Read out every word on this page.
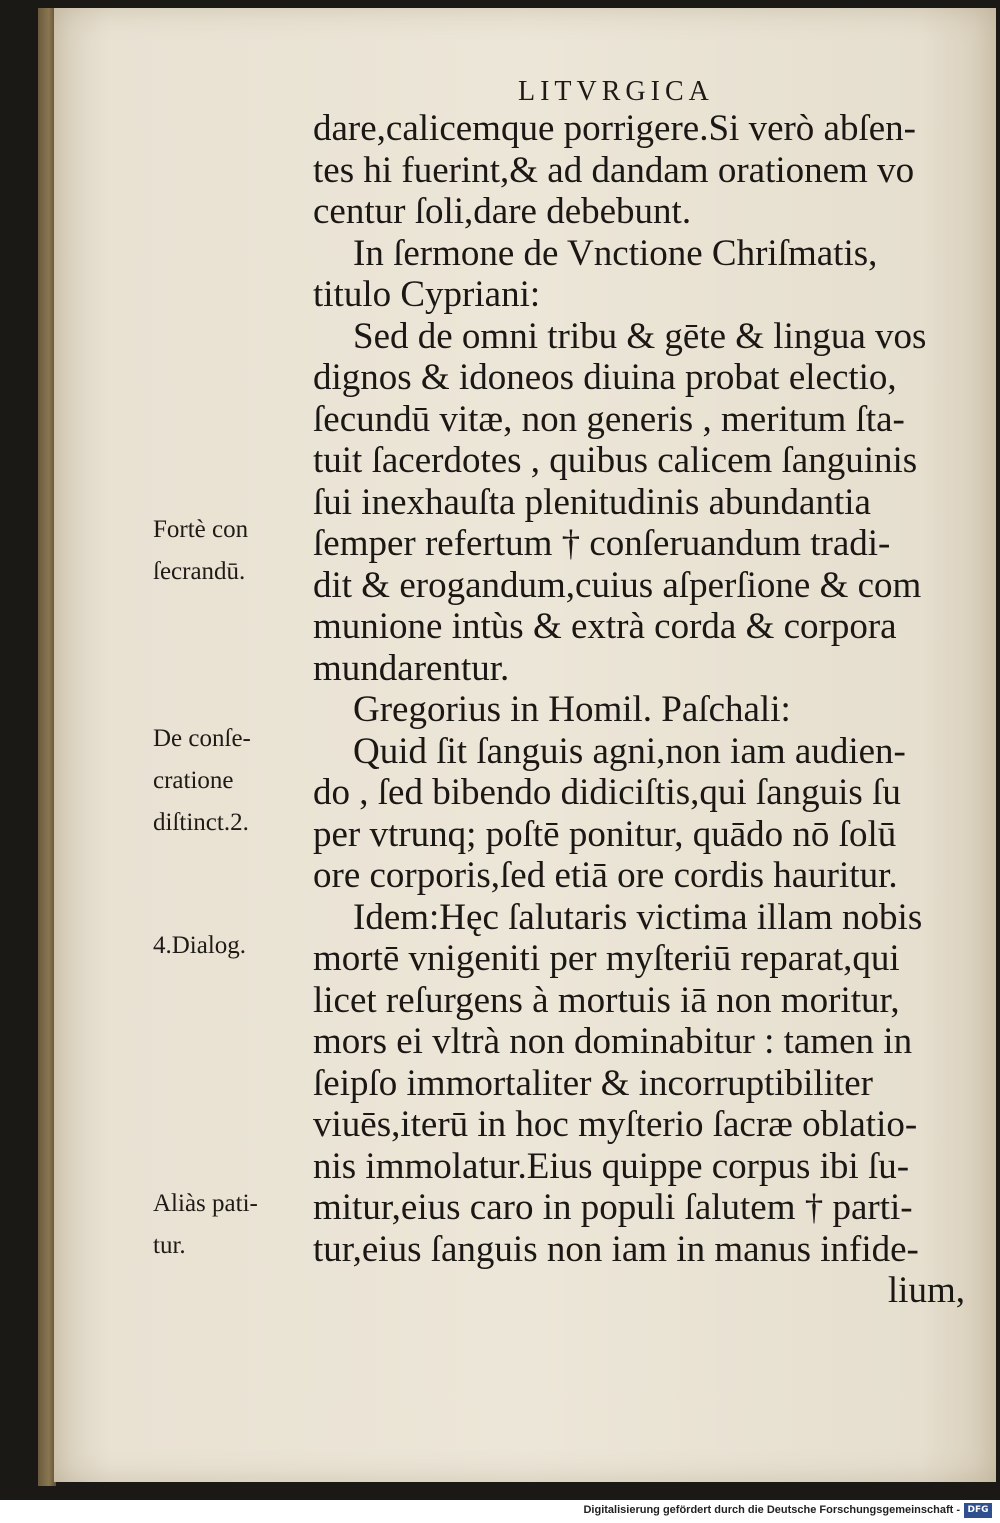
LITVRGICA
dare,calicemque porrigere.Si verò abſen-
tes hi fuerint,& ad dandam orationem vo
centur ſoli,dare debebunt.
In ſermone de Vnctione Chriſmatis,
titulo Cypriani:
Sed de omni tribu & gēte & lingua vos
dignos & idoneos diuina probat electio,
ſecundū vitæ, non generis , meritum ſta-
tuit ſacerdotes , quibus calicem ſanguinis
ſui inexhauſta plenitudinis abundantia
ſemper refertum † conſeruandum tradi-
dit & erogandum,cuius aſperſione & com
munione intùs & extrà corda & corpora
mundarentur.
Gregorius in Homil. Paſchali:
Quid ſit ſanguis agni,non iam audien-
do , ſed bibendo didiciſtis,qui ſanguis ſu
per vtrunq; poſtē ponitur, quādo nō ſolū
ore corporis,ſed etiā ore cordis hauritur.
Idem:Hęc ſalutaris victima illam nobis
mortē vnigeniti per myſteriū reparat,qui
licet reſurgens à mortuis iā non moritur,
mors ei vltrà non dominabitur : tamen in
ſeipſo immortaliter & incorruptibiliter
viuēs,iterū in hoc myſterio ſacræ oblatio-
nis immolatur.Eius quippe corpus ibi ſu-
mitur,eius caro in populi ſalutem † parti-
tur,eius ſanguis non iam in manus infide-
lium,
Fortè con
ſecrandū.
De conſe-
cratione
diſtinct.2.
4.Dialog.
Aliàs pati-
tur.
Digitalisierung gefördert durch die Deutsche Forschungsgemeinschaft - DFG
